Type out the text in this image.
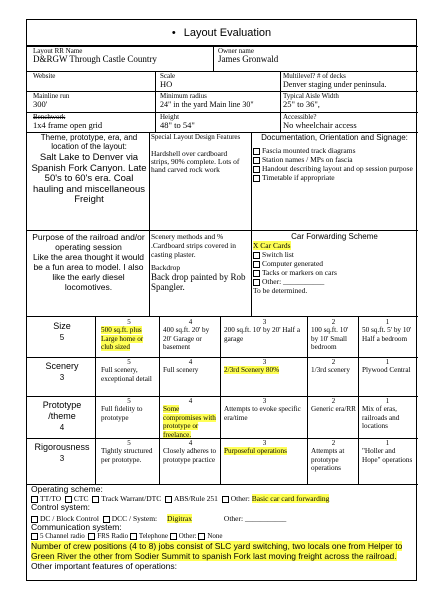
• Layout Evaluation
Layout RR Name
D&RGW Through Castle Country
Owner name
James Gronwald
Website	Scale
HO
Multilevel? # of decks
Denver staging under peninsula.
Mainline run
300'
Minimum radius
24" in the yard Main line 30"
Typical Aisle Width
25" to 36",
Benchwork
1x4 frame open grid
Height
48" to 54"
Accessible?
No wheelchair access
Theme, prototype, era, and location of the layout:
Salt Lake to Denver via Spanish Fork Canyon. Late 50's to 60's era. Coal hauling and miscellaneous Freight
Special Layout Design Features
Hardshell over cardboard strips, 90% complete. Lots of hand carved rock work
Documentation, Orientation and Signage:
Fascia mounted track diagrams
Station names / MPs on fascia
Handout describing layout and op session purpose
Timetable if appropriate
Purpose of the railroad and/or operating session
Like the area thought it would be a fun area to model. I also like the early diesel locomotives.
Scenery methods and % .Cardboard strips covered in casting plaster.
Backdrop
Back drop painted by Rob Spangler.
Car Forwarding Scheme
X Car Cards
Switch list
Computer generated
Tacks or markers on cars
Other: ___________
To be determined.
Size
5
5
500 sq.ft. plus Large home or club sized
4
400 sq.ft. 20' by 20' Garage or basement
3
200 sq.ft. 10' by 20' Half a garage
2
100 sq.ft. 10' by 10' Small bedroom
1
50 sq.ft. 5' by 10' Half a bedroom
Scenery
3
5
Full scenery, exceptional detail
4
Full scenery
3
2/3rd Scenery 80%
2
1/3rd scenery
1
Plywood Central
Prototype /theme
4
5
Full fidelity to prototype
4
Some compromises with prototype or freelance.
3
Attempts to evoke specific era/time
2
Generic era/RR
1
Mix of eras, railroads and locations
Rigorousness
3
5
Tightly structured per prototype.
4
Closely adheres to prototype practice
3
Purposeful operations
2
Attempts at prototype operations
1
"Holler and Hope" operations
Operating scheme:
TT/TO CTC Track Warrant/DTC ABS/Rule 251 Other: Basic car card forwarding
Control system:
DC / Block Control DCC / System: Digitrax	Other: ___________
Communication system:
5 Channel radio FRS Radio Telephone Other: None
Number of crew positions (4 to 8) jobs consist of SLC yard switching, two locals one from Helper to Green River the other from Sodier Summit to spanish Fork last moving freight across the railroad.
Other important features of operations:
